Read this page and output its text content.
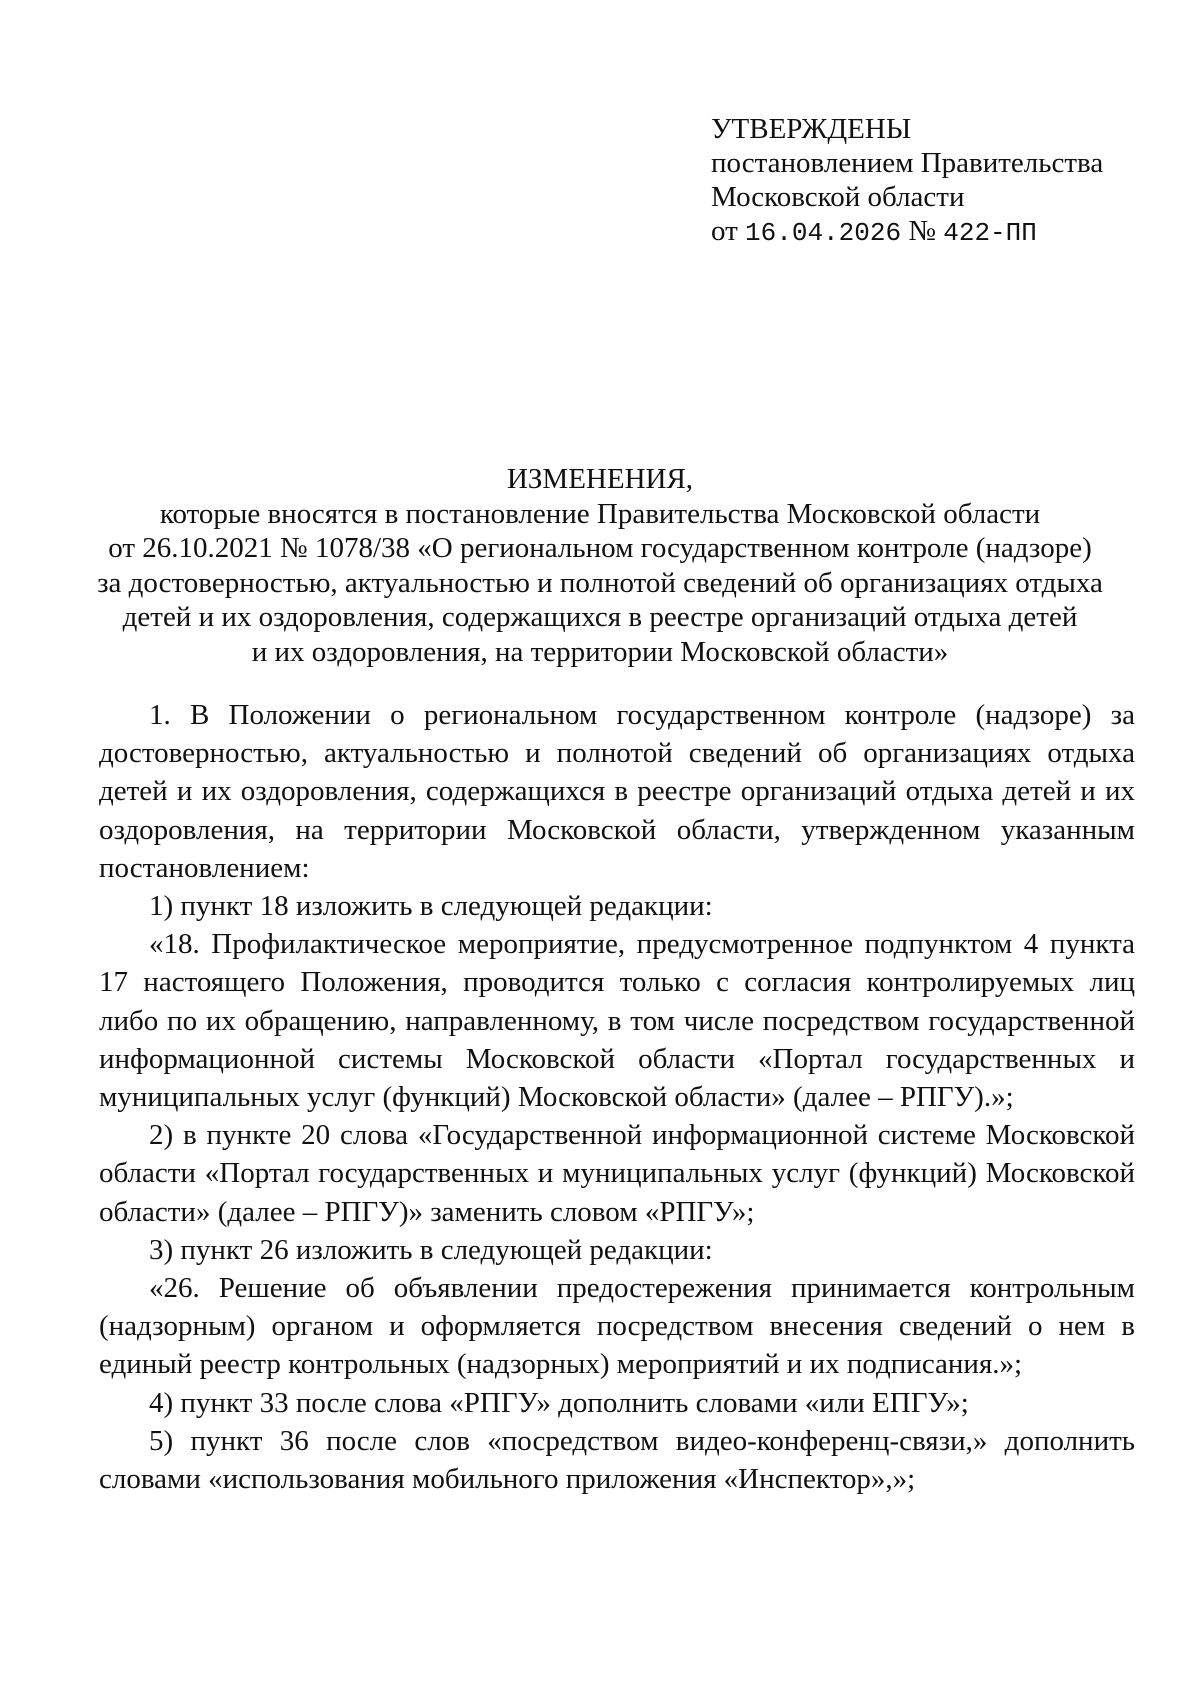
УТВЕРЖДЕНЫ
постановлением Правительства
Московской области
от 16.04.2026 № 422-ПП
ИЗМЕНЕНИЯ,
которые вносятся в постановление Правительства Московской области
от 26.10.2021 № 1078/38 «О региональном государственном контроле (надзоре)
за достоверностью, актуальностью и полнотой сведений об организациях отдыха
детей и их оздоровления, содержащихся в реестре организаций отдыха детей
и их оздоровления, на территории Московской области»

1. В Положении о региональном государственном контроле (надзоре) за достоверностью, актуальностью и полнотой сведений об организациях отдыха детей и их оздоровления, содержащихся в реестре организаций отдыха детей и их оздоровления, на территории Московской области, утвержденном указанным постановлением:

1) пункт 18 изложить в следующей редакции:

«18. Профилактическое мероприятие, предусмотренное подпунктом 4 пункта 17 настоящего Положения, проводится только с согласия контролируемых лиц либо по их обращению, направленному, в том числе посредством государственной информационной системы Московской области «Портал государственных и муниципальных услуг (функций) Московской области» (далее – РПГУ).»;

2) в пункте 20 слова «Государственной информационной системе Московской области «Портал государственных и муниципальных услуг (функций) Московской области» (далее – РПГУ)» заменить словом «РПГУ»;

3) пункт 26 изложить в следующей редакции:

«26. Решение об объявлении предостережения принимается контрольным (надзорным) органом и оформляется посредством внесения сведений о нем в единый реестр контрольных (надзорных) мероприятий и их подписания.»;

4) пункт 33 после слова «РПГУ» дополнить словами «или ЕПГУ»;

5) пункт 36 после слов «посредством видео-конференц-связи,» дополнить словами «использования мобильного приложения «Инспектор»,»;
